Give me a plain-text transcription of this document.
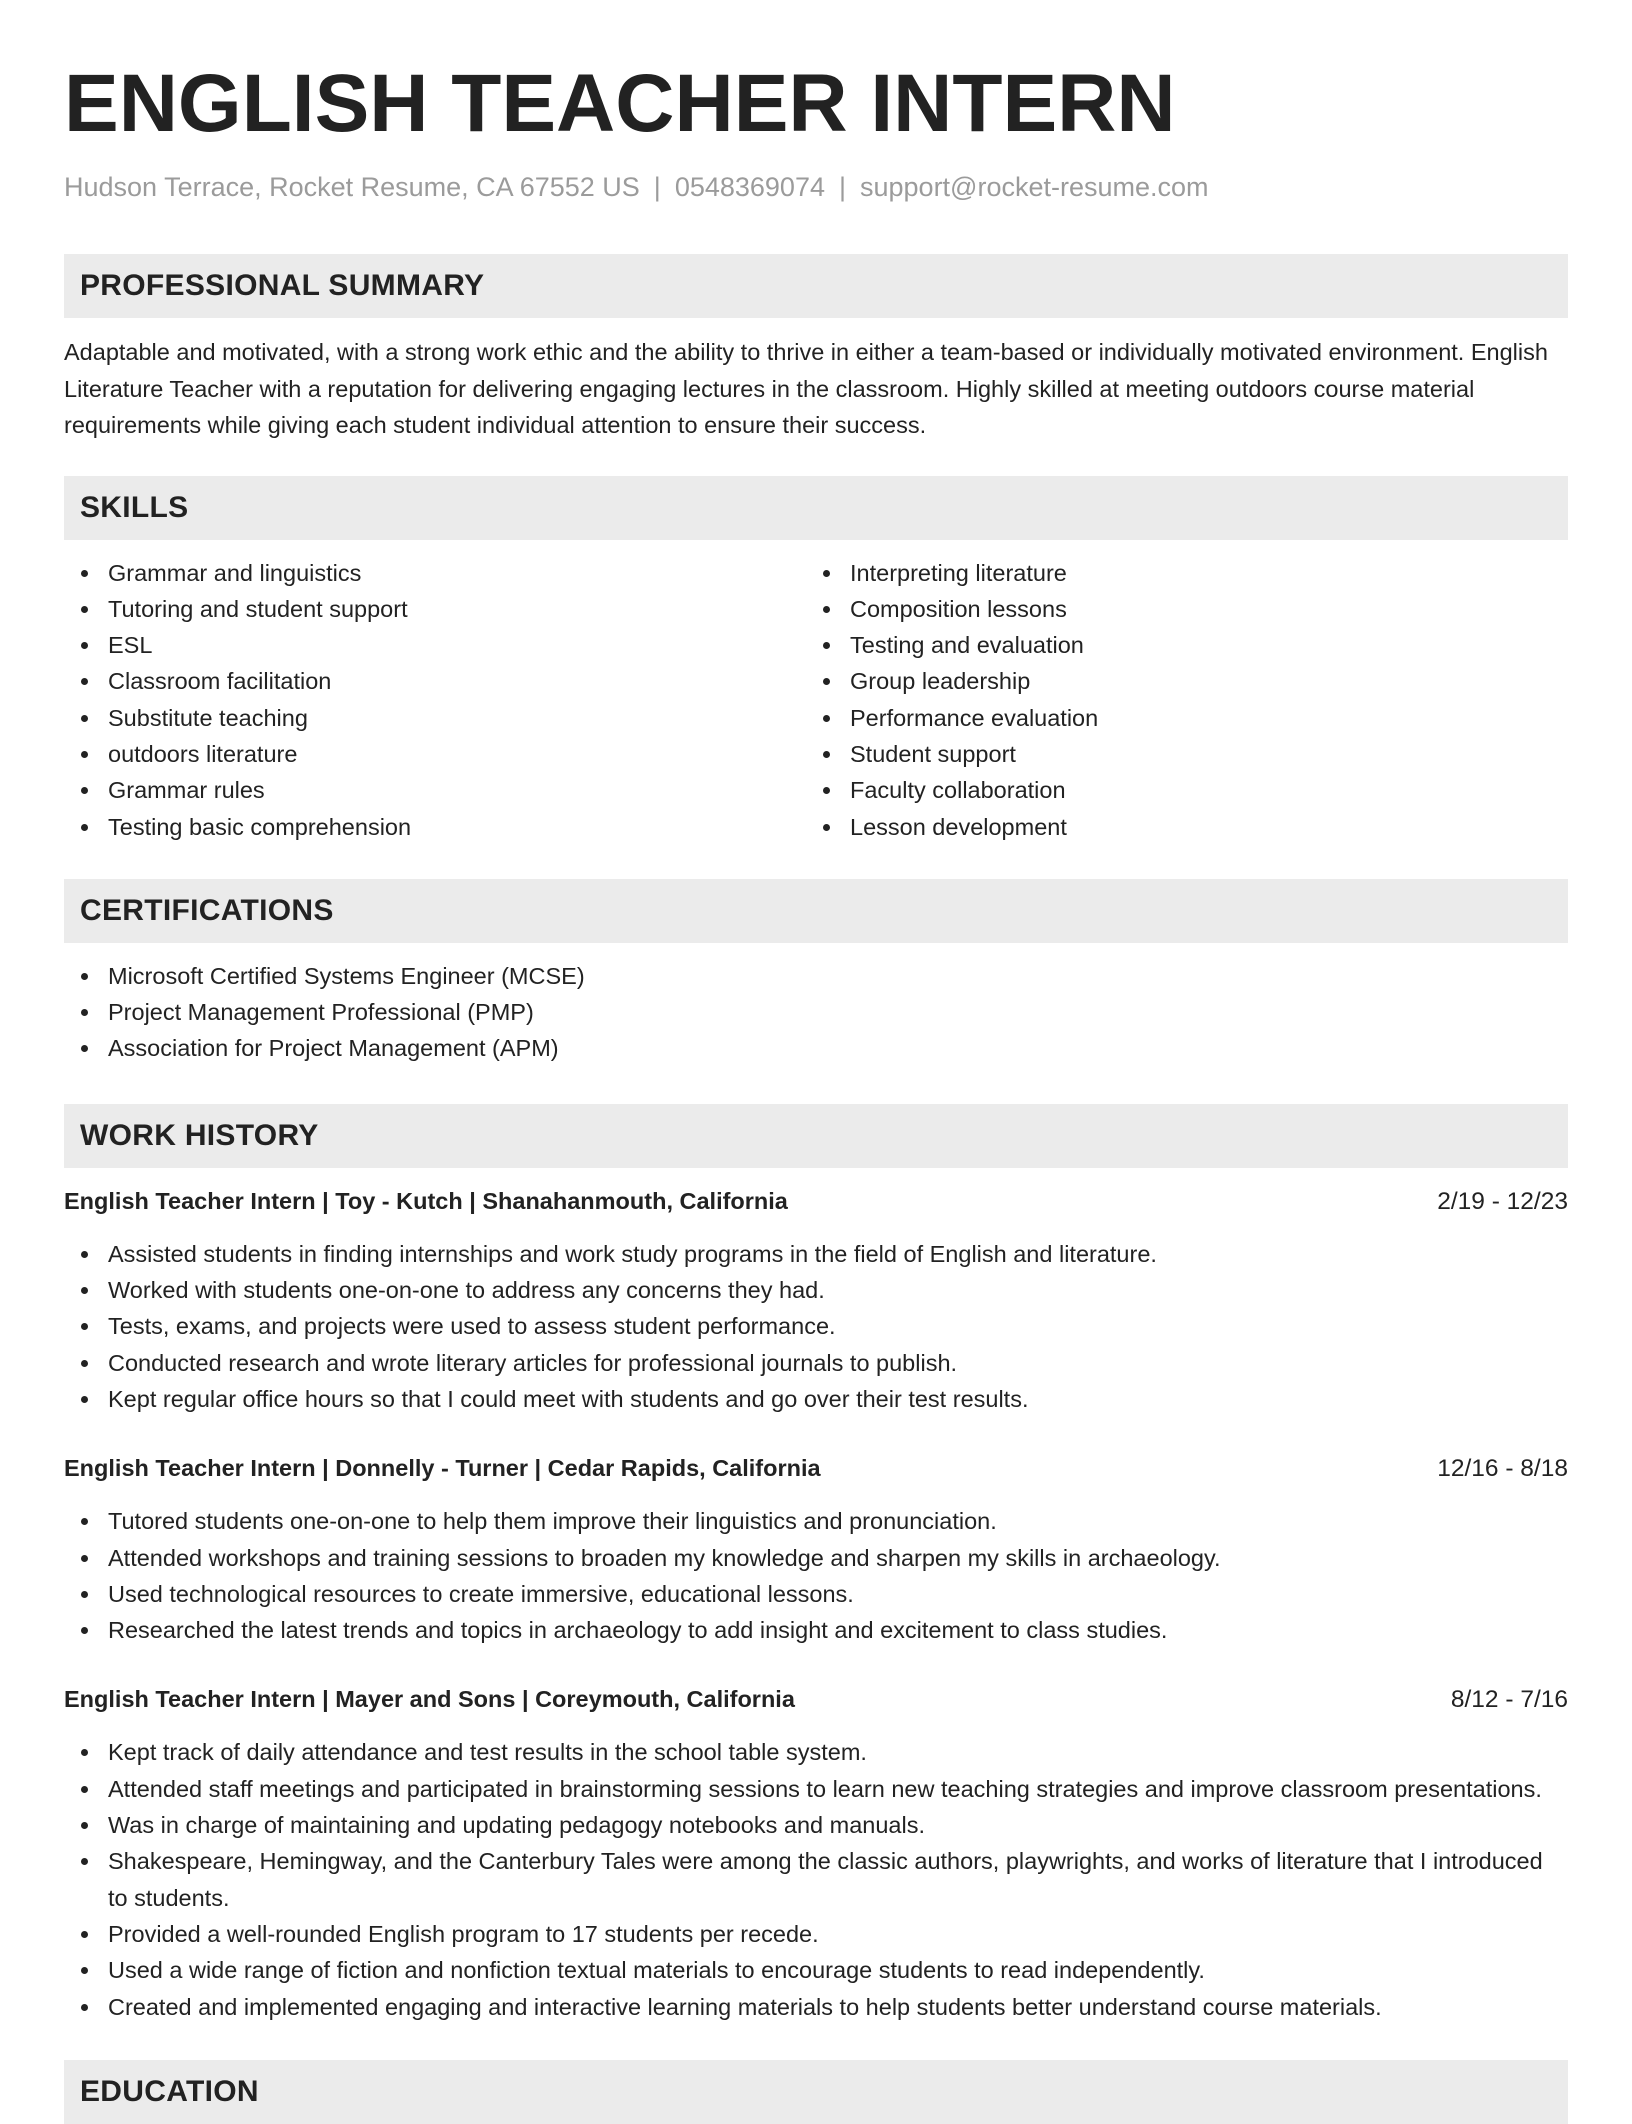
ENGLISH TEACHER INTERN
Hudson Terrace, Rocket Resume, CA 67552 US | 0548369074 | support@rocket-resume.com
PROFESSIONAL SUMMARY

Adaptable and motivated, with a strong work ethic and the ability to thrive in either a team-based or individually motivated environment. English Literature Teacher with a reputation for delivering engaging lectures in the classroom. Highly skilled at meeting outdoors course material requirements while giving each student individual attention to ensure their success.

SKILLS
Grammar and linguistics
Tutoring and student support
ESL
Classroom facilitation
Substitute teaching
outdoors literature
Grammar rules
Testing basic comprehension
Interpreting literature
Composition lessons
Testing and evaluation
Group leadership
Performance evaluation
Student support
Faculty collaboration
Lesson development
CERTIFICATIONS
Microsoft Certified Systems Engineer (MCSE)
Project Management Professional (PMP)
Association for Project Management (APM)
WORK HISTORY
English Teacher Intern | Toy - Kutch | Shanahanmouth, California	2/19 - 12/23
Assisted students in finding internships and work study programs in the field of English and literature.
Worked with students one-on-one to address any concerns they had.
Tests, exams, and projects were used to assess student performance.
Conducted research and wrote literary articles for professional journals to publish.
Kept regular office hours so that I could meet with students and go over their test results.
English Teacher Intern | Donnelly - Turner | Cedar Rapids, California	12/16 - 8/18
Tutored students one-on-one to help them improve their linguistics and pronunciation.
Attended workshops and training sessions to broaden my knowledge and sharpen my skills in archaeology.
Used technological resources to create immersive, educational lessons.
Researched the latest trends and topics in archaeology to add insight and excitement to class studies.
English Teacher Intern | Mayer and Sons | Coreymouth, California	8/12 - 7/16
Kept track of daily attendance and test results in the school table system.
Attended staff meetings and participated in brainstorming sessions to learn new teaching strategies and improve classroom presentations.
Was in charge of maintaining and updating pedagogy notebooks and manuals.
Shakespeare, Hemingway, and the Canterbury Tales were among the classic authors, playwrights, and works of literature that I introduced to students.
Provided a well-rounded English program to 17 students per recede.
Used a wide range of fiction and nonfiction textual materials to encourage students to read independently.
Created and implemented engaging and interactive learning materials to help students better understand course materials.
EDUCATION
